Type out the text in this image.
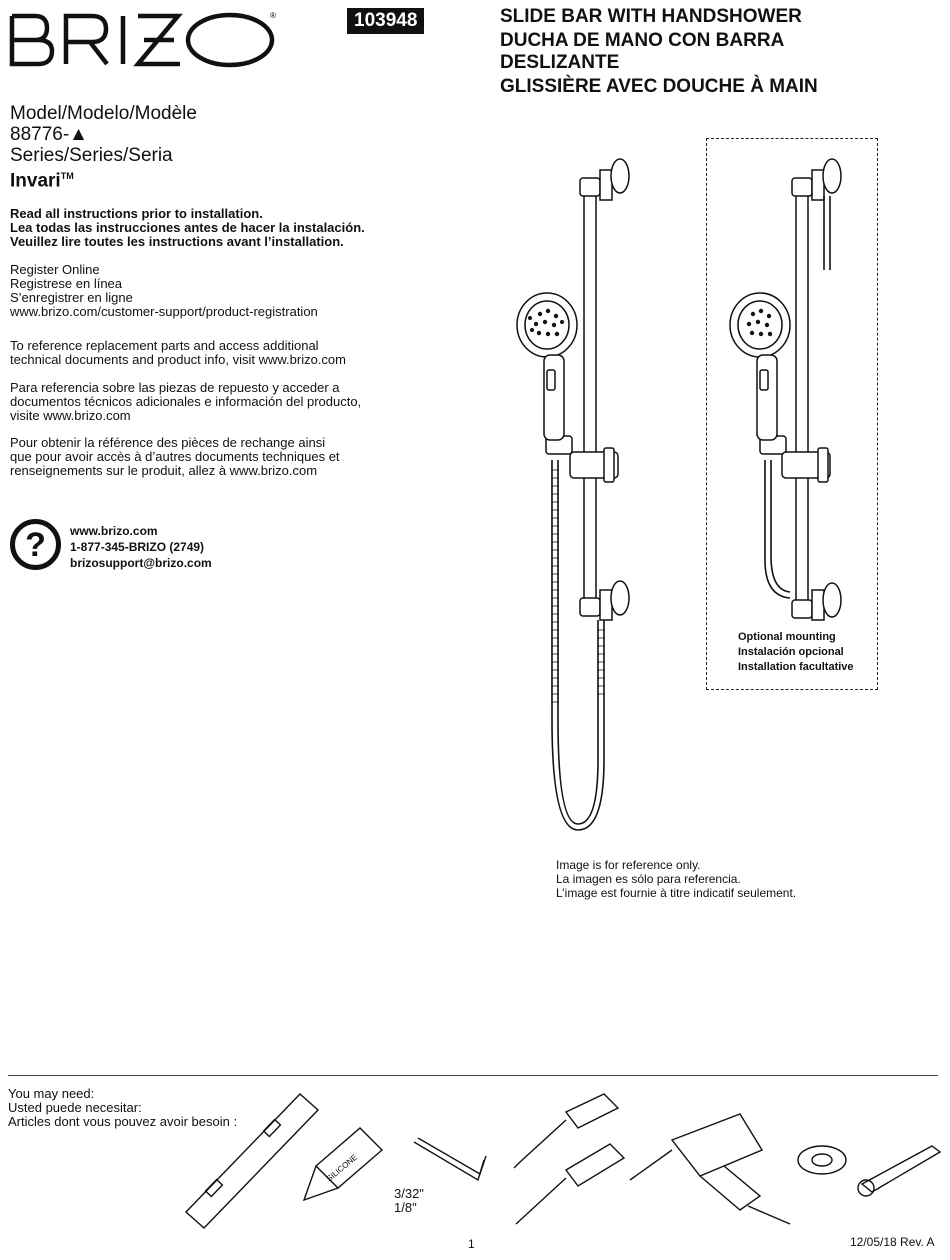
®	103948	SLIDE BAR WITH HANDSHOWER
DUCHA DE MANO CON BARRA DESLIZANTE
GLISSIÈRE AVEC DOUCHE À MAIN
Model/Modelo/Modèle
88776-▲
Series/Series/Seria
Invari™
Read all instructions prior to installation.
Lea todas las instrucciones antes de hacer la instalación.
Veuillez lire toutes les instructions avant l’installation.
Register Online
Registrese en línea
S’enregistrer en ligne
www.brizo.com/customer-support/product-registration
To reference replacement parts and access additional
technical documents and product info, visit www.brizo.com
Para referencia sobre las piezas de repuesto y acceder a
documentos técnicos adicionales e información del producto,
visite www.brizo.com
Pour obtenir la référence des pièces de rechange ainsi
que pour avoir accès à d’autres documents techniques et
renseignements sur le produit, allez à www.brizo.com
? www.brizo.com
1-877-345-BRIZO (2749)
brizosupport@brizo.com
SILICONE
Optional mounting
Instalación opcional
Installation facultative
Image is for reference only.
La imagen es sólo para referencia.
L’image est fournie à titre indicatif seulement.
You may need:
Usted puede necesitar:
Articles dont vous pouvez avoir besoin :
3/32"
1/8"
1	12/05/18 Rev. A
